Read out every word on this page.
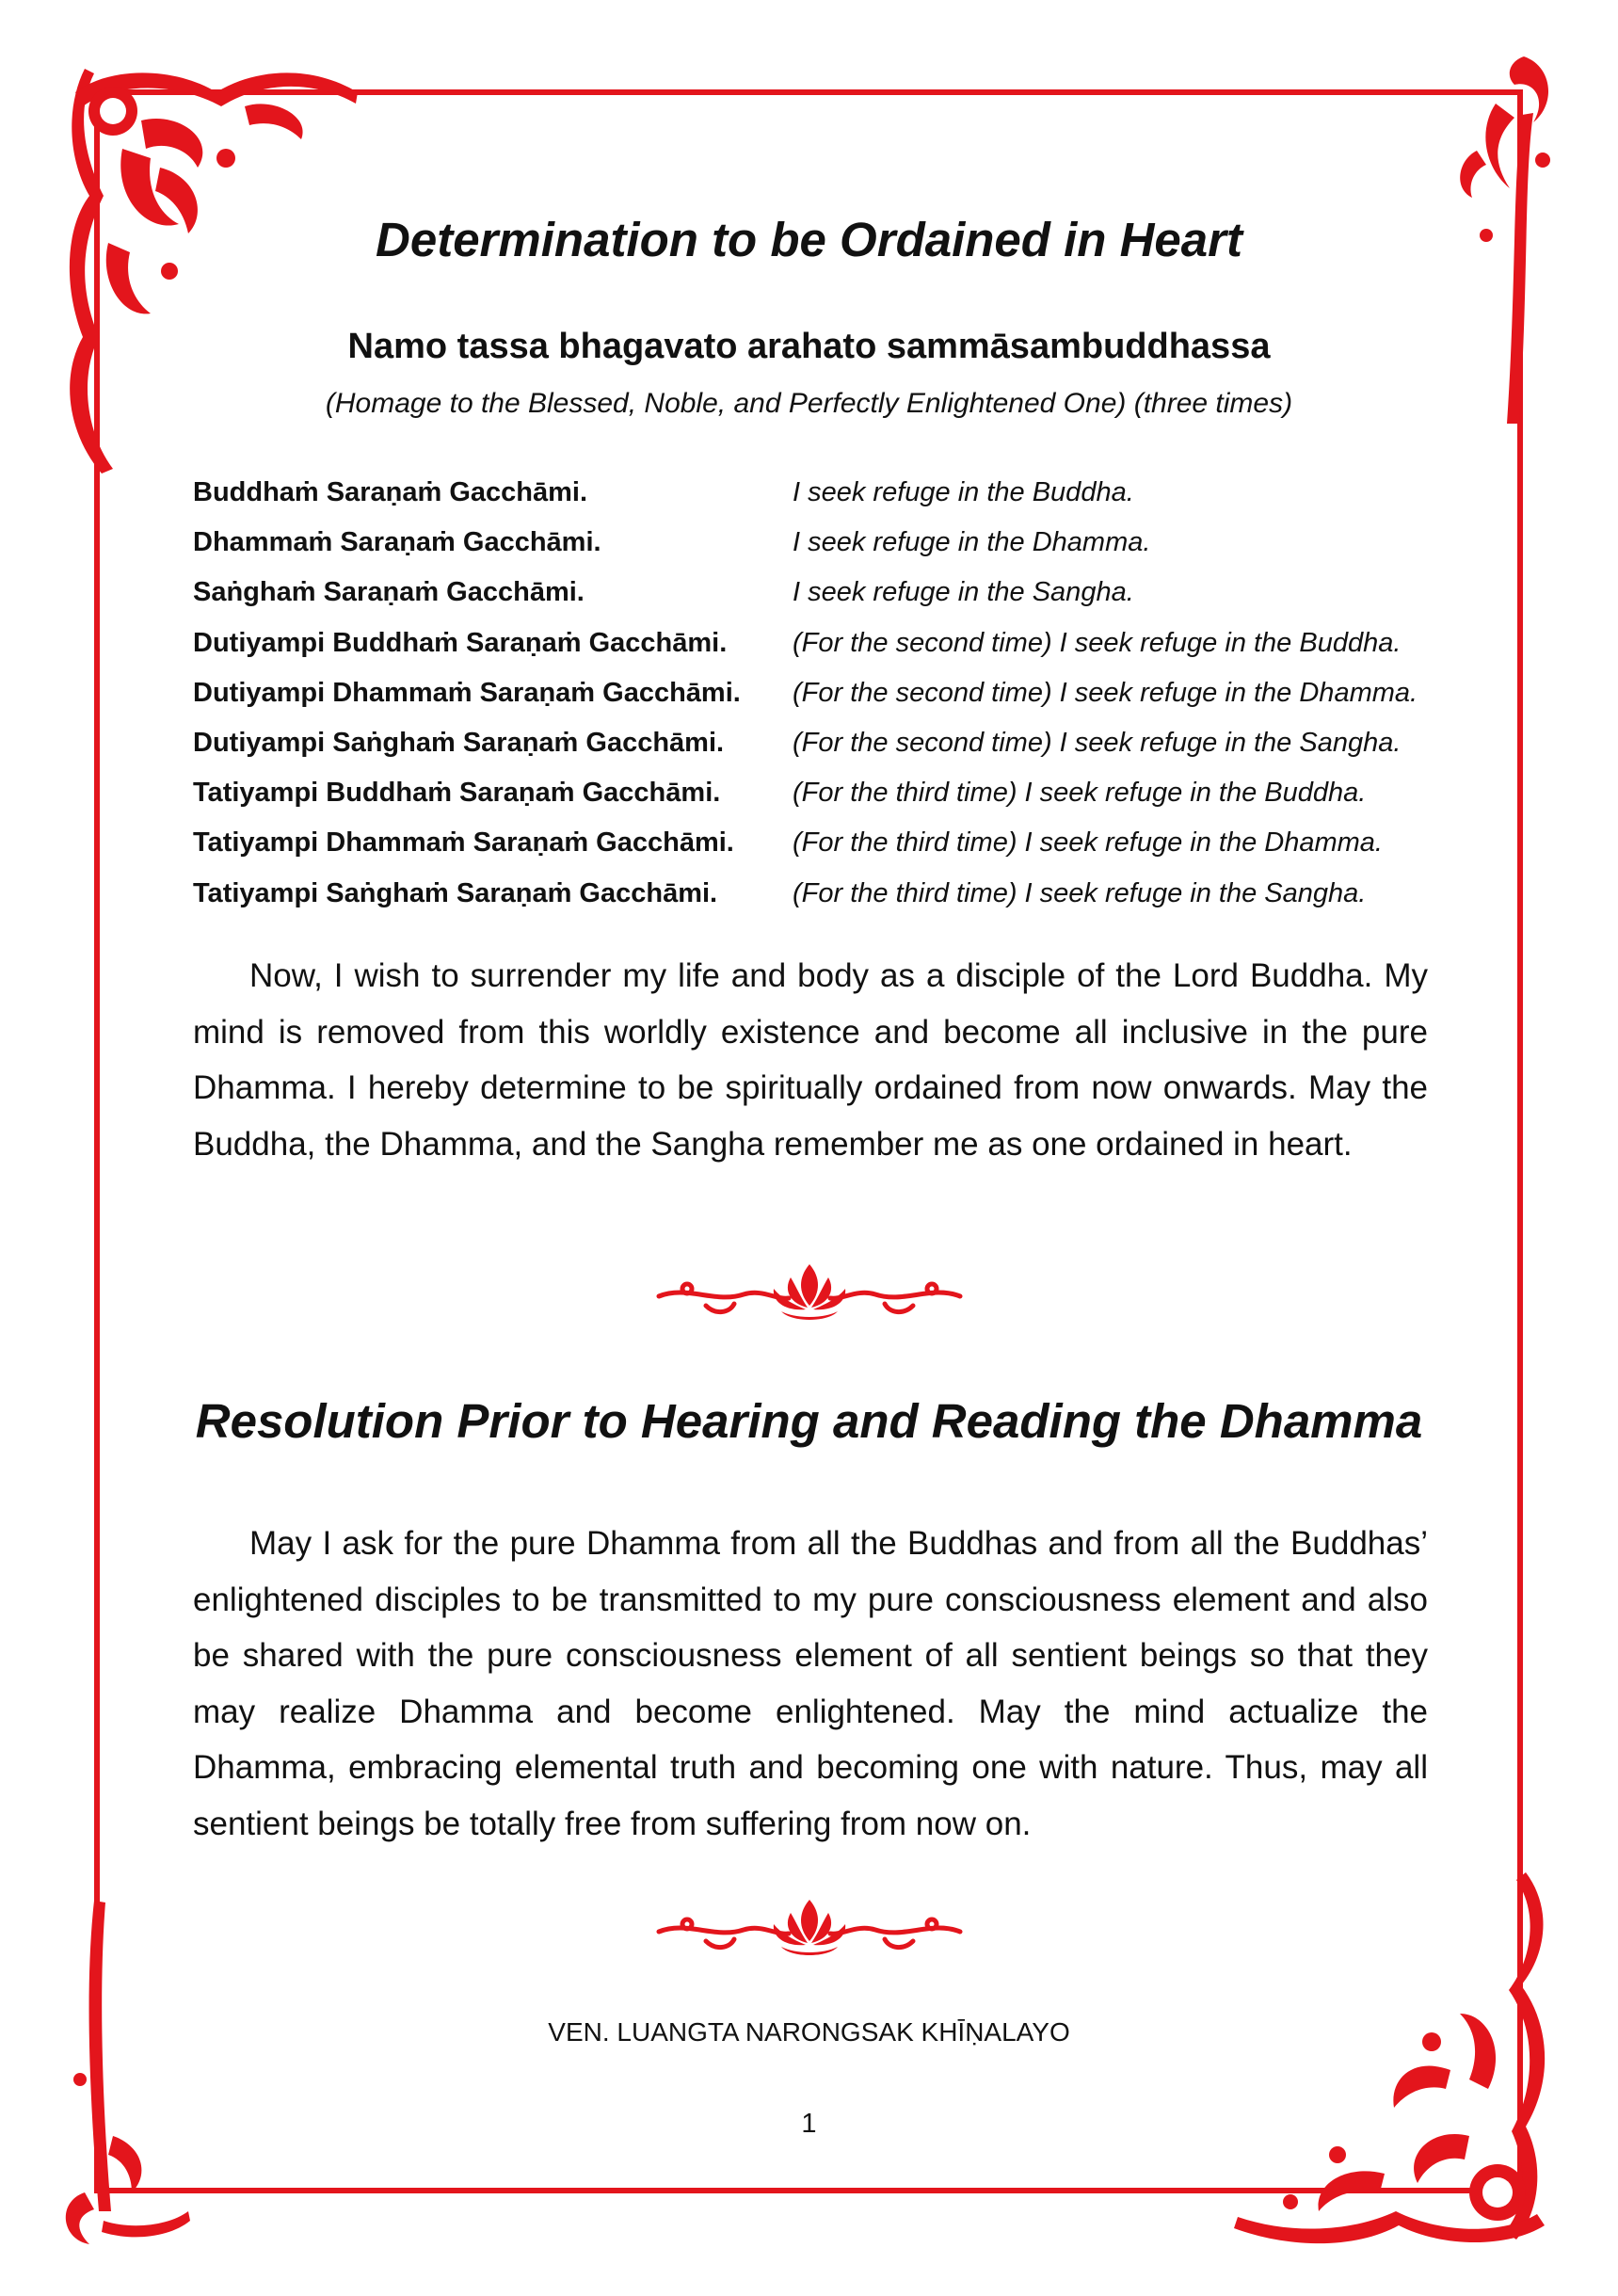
Determination to be Ordained in Heart

Namo tassa bhagavato arahato sammāsambuddhassa

(Homage to the Blessed, Noble, and Perfectly Enlightened One) (three times)

Buddhaṁ Saraṇaṁ Gacchāmi.	I seek refuge in the Buddha.
Dhammaṁ Saraṇaṁ Gacchāmi.	I seek refuge in the Dhamma.
Saṅghaṁ Saraṇaṁ Gacchāmi.	I seek refuge in the Sangha.
Dutiyampi Buddhaṁ Saraṇaṁ Gacchāmi.	(For the second time) I seek refuge in the Buddha.
Dutiyampi Dhammaṁ Saraṇaṁ Gacchāmi.	(For the second time) I seek refuge in the Dhamma.
Dutiyampi Saṅghaṁ Saraṇaṁ Gacchāmi.	(For the second time) I seek refuge in the Sangha.
Tatiyampi Buddhaṁ Saraṇaṁ Gacchāmi.	(For the third time) I seek refuge in the Buddha.
Tatiyampi Dhammaṁ Saraṇaṁ Gacchāmi.	(For the third time) I seek refuge in the Dhamma.
Tatiyampi Saṅghaṁ Saraṇaṁ Gacchāmi.	(For the third time) I seek refuge in the Sangha.

Now, I wish to surrender my life and body as a disciple of the Lord Buddha. My mind is removed from this worldly existence and become all inclusive in the pure Dhamma. I hereby determine to be spiritually ordained from now onwards. May the Buddha, the Dhamma, and the Sangha remember me as one ordained in heart.

Resolution Prior to Hearing and Reading the Dhamma

May I ask for the pure Dhamma from all the Buddhas and from all the Buddhas’ enlightened disciples to be transmitted to my pure consciousness element and also be shared with the pure consciousness element of all sentient beings so that they may realize Dhamma and become enlightened. May the mind actualize the Dhamma, embracing elemental truth and becoming one with nature. Thus, may all sentient beings be totally free from suffering from now on.

VEN. LUANGTA NARONGSAK KHĪṆALAYO

1
